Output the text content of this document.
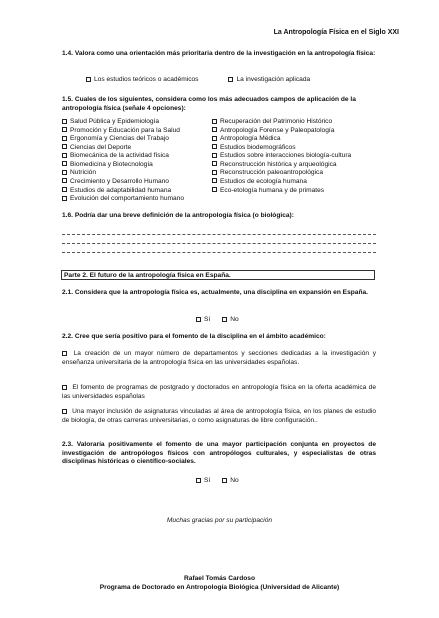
La Antropología Física en el Siglo XXI
1.4. Valora como una orientación más prioritaria dentro de la investigación en la antropología física:
Los estudios teóricos o académicos	La investigación aplicada
1.5. Cuales de los siguientes, considera como los más adecuados campos de aplicación de la antropología física (señale 4 opciones):
Salud Pública y Epidemiología	Recuperación del Patrimonio Histórico
Promoción y Educación para la Salud	Antropología Forense y Paleopatología
Ergonomía y Ciencias del Trabajo	Antropología Médica
Ciencias del Deporte	Estudios biodemográficos
Biomecánica de la actividad física	Estudios sobre interacciones biología-cultura
Biomedicina y Biotecnología	Reconstrucción histórica y arqueológica
Nutrición	Reconstrucción paleoantropológica
Crecimiento y Desarrollo Humano	Estudios de ecología humana
Estudios de adaptabilidad humana	Eco-etología humana y de primates
Evolución del comportamiento humano
1.6. Podría dar una breve definición de la antropología física (o biológica):
Parte 2. El futuro de la antropología física en España.
2.1. Considera que la antropología física es, actualmente, una disciplina en expansión en España.
Sí	No
2.2. Cree que sería positivo para el fomento de la disciplina en el ámbito académico:
La creación de un mayor número de departamentos y secciones dedicadas a la investigación y enseñanza universitaria de la antropología física en las universidades españolas.
El fomento de programas de postgrado y doctorados en antropología física en la oferta académica de las universidades españolas
Una mayor inclusión de asignaturas vinculadas al área de antropología física, en los planes de estudio de biología, de otras carreras universitarias, o como asignaturas de libre configuración..
2.3. Valoraría positivamente el fomento de una mayor participación conjunta en proyectos de investigación de antropólogos físicos con antropólogos culturales, y especialistas de otras disciplinas históricas o científico-sociales.
Sí	No
Muchas gracias por su participación
Rafael Tomás Cardoso
Programa de Doctorado en Antropología Biológica (Universidad de Alicante)
